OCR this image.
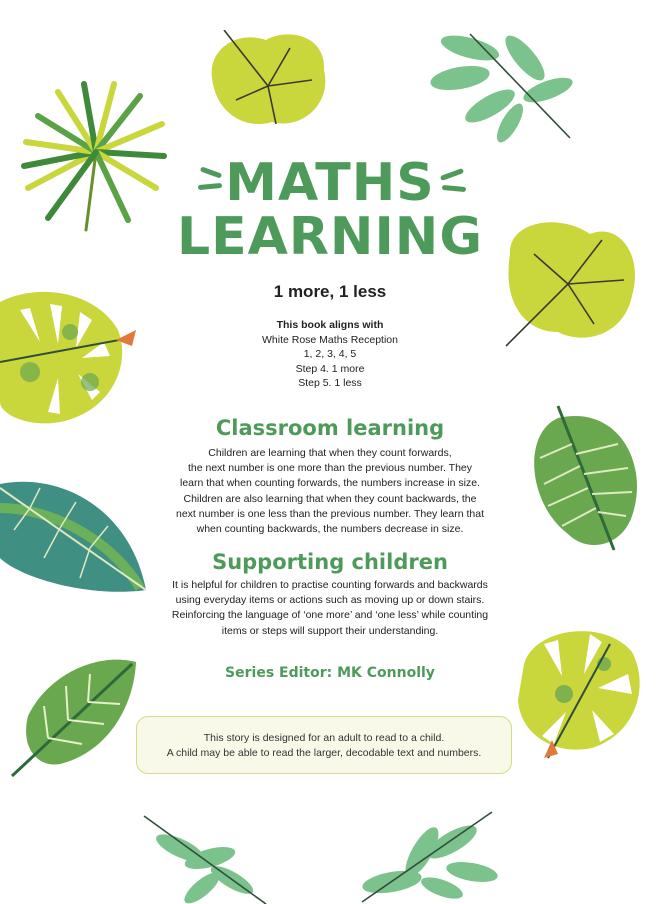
MATHS
LEARNING
1 more, 1 less
This book aligns with
White Rose Maths Reception
1, 2, 3, 4, 5
Step 4. 1 more
Step 5. 1 less
Classroom learning
Children are learning that when they count forwards,
the next number is one more than the previous number. They
learn that when counting forwards, the numbers increase in size.
Children are also learning that when they count backwards, the
next number is one less than the previous number. They learn that
when counting backwards, the numbers decrease in size.
Supporting children
It is helpful for children to practise counting forwards and backwards
using everyday items or actions such as moving up or down stairs.
Reinforcing the language of ‘one more’ and ‘one less’ while counting
items or steps will support their understanding.
Series Editor: MK Connolly
This story is designed for an adult to read to a child.
A child may be able to read the larger, decodable text and numbers.
